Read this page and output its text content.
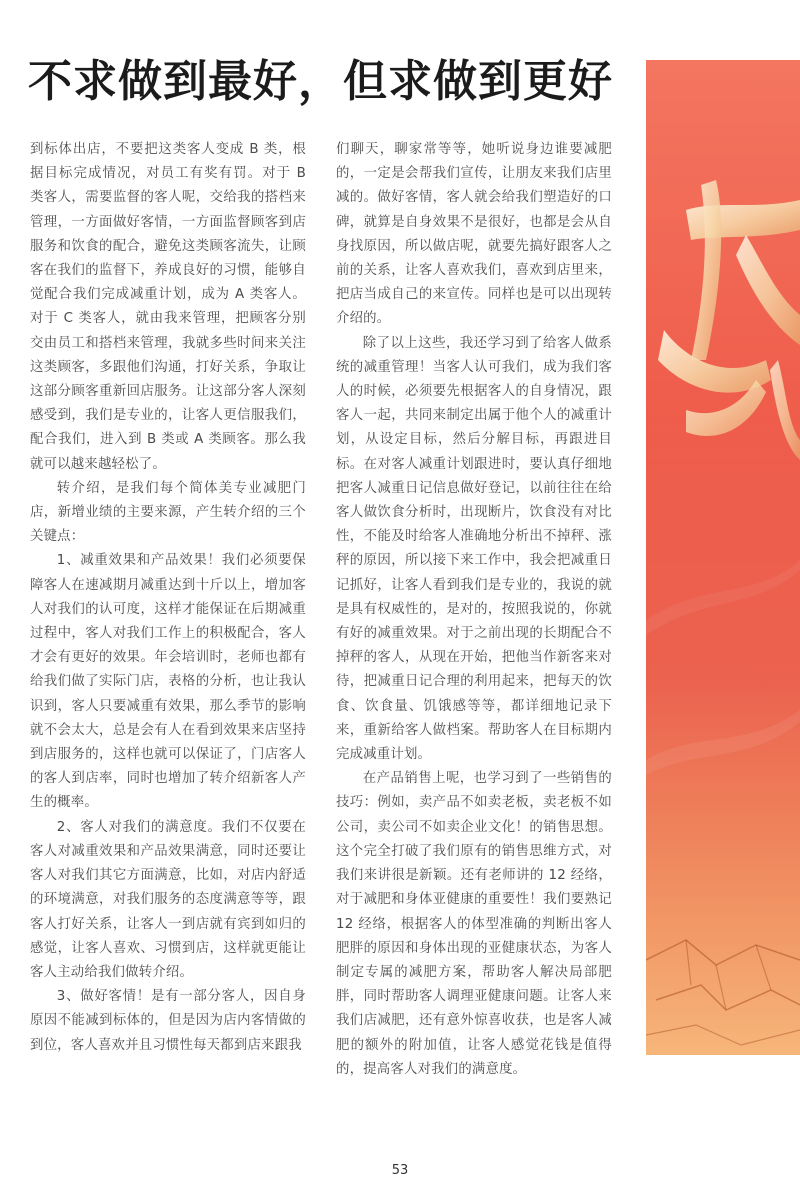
不求做到最好，但求做到更好

到标体出店，不要把这类客人变成 B 类，根据目标完成情况，对员工有奖有罚。对于 B 类客人，需要监督的客人呢，交给我的搭档来管理，一方面做好客情，一方面监督顾客到店服务和饮食的配合，避免这类顾客流失，让顾客在我们的监督下，养成良好的习惯，能够自觉配合我们完成减重计划，成为 A 类客人。对于 C 类客人，就由我来管理，把顾客分别交由员工和搭档来管理，我就多些时间来关注这类顾客，多跟他们沟通，打好关系，争取让这部分顾客重新回店服务。让这部分客人深刻感受到，我们是专业的，让客人更信服我们，配合我们，进入到 B 类或 A 类顾客。那么我就可以越来越轻松了。

转介绍，是我们每个简体美专业减肥门店，新增业绩的主要来源，产生转介绍的三个关键点：

1、减重效果和产品效果！我们必须要保障客人在速减期月减重达到十斤以上，增加客人对我们的认可度，这样才能保证在后期减重过程中，客人对我们工作上的积极配合，客人才会有更好的效果。年会培训时，老师也都有给我们做了实际门店，表格的分析，也让我认识到，客人只要减重有效果，那么季节的影响就不会太大，总是会有人在看到效果来店坚持到店服务的，这样也就可以保证了，门店客人的客人到店率，同时也增加了转介绍新客人产生的概率。

2、客人对我们的满意度。我们不仅要在客人对减重效果和产品效果满意，同时还要让客人对我们其它方面满意，比如，对店内舒适的环境满意，对我们服务的态度满意等等，跟客人打好关系，让客人一到店就有宾到如归的感觉，让客人喜欢、习惯到店，这样就更能让客人主动给我们做转介绍。

3、做好客情！是有一部分客人，因自身原因不能减到标体的，但是因为店内客情做的到位，客人喜欢并且习惯性每天都到店来跟我

们聊天，聊家常等等，她听说身边谁要减肥的，一定是会帮我们宣传，让朋友来我们店里减的。做好客情，客人就会给我们塑造好的口碑，就算是自身效果不是很好，也都是会从自身找原因，所以做店呢，就要先搞好跟客人之前的关系，让客人喜欢我们，喜欢到店里来，把店当成自己的来宣传。同样也是可以出现转介绍的。

除了以上这些，我还学习到了给客人做系统的减重管理！当客人认可我们，成为我们客人的时候，必须要先根据客人的自身情况，跟客人一起，共同来制定出属于他个人的减重计划，从设定目标，然后分解目标，再跟进目标。在对客人减重计划跟进时，要认真仔细地把客人减重日记信息做好登记，以前往往在给客人做饮食分析时，出现断片，饮食没有对比性，不能及时给客人准确地分析出不掉秤、涨秤的原因，所以接下来工作中，我会把减重日记抓好，让客人看到我们是专业的，我说的就是具有权威性的，是对的，按照我说的，你就有好的减重效果。对于之前出现的长期配合不掉秤的客人，从现在开始，把他当作新客来对待，把减重日记合理的利用起来，把每天的饮食、饮食量、饥饿感等等，都详细地记录下来，重新给客人做档案。帮助客人在目标期内完成减重计划。

在产品销售上呢，也学习到了一些销售的技巧：例如，卖产品不如卖老板，卖老板不如公司，卖公司不如卖企业文化！的销售思想。这个完全打破了我们原有的销售思维方式，对我们来讲很是新颖。还有老师讲的 12 经络，对于减肥和身体亚健康的重要性！我们要熟记 12 经络，根据客人的体型准确的判断出客人肥胖的原因和身体出现的亚健康状态，为客人制定专属的减肥方案，帮助客人解决局部肥胖，同时帮助客人调理亚健康问题。让客人来我们店减肥，还有意外惊喜收获，也是客人减肥的额外的附加值，让客人感觉花钱是值得的，提高客人对我们的满意度。

53
